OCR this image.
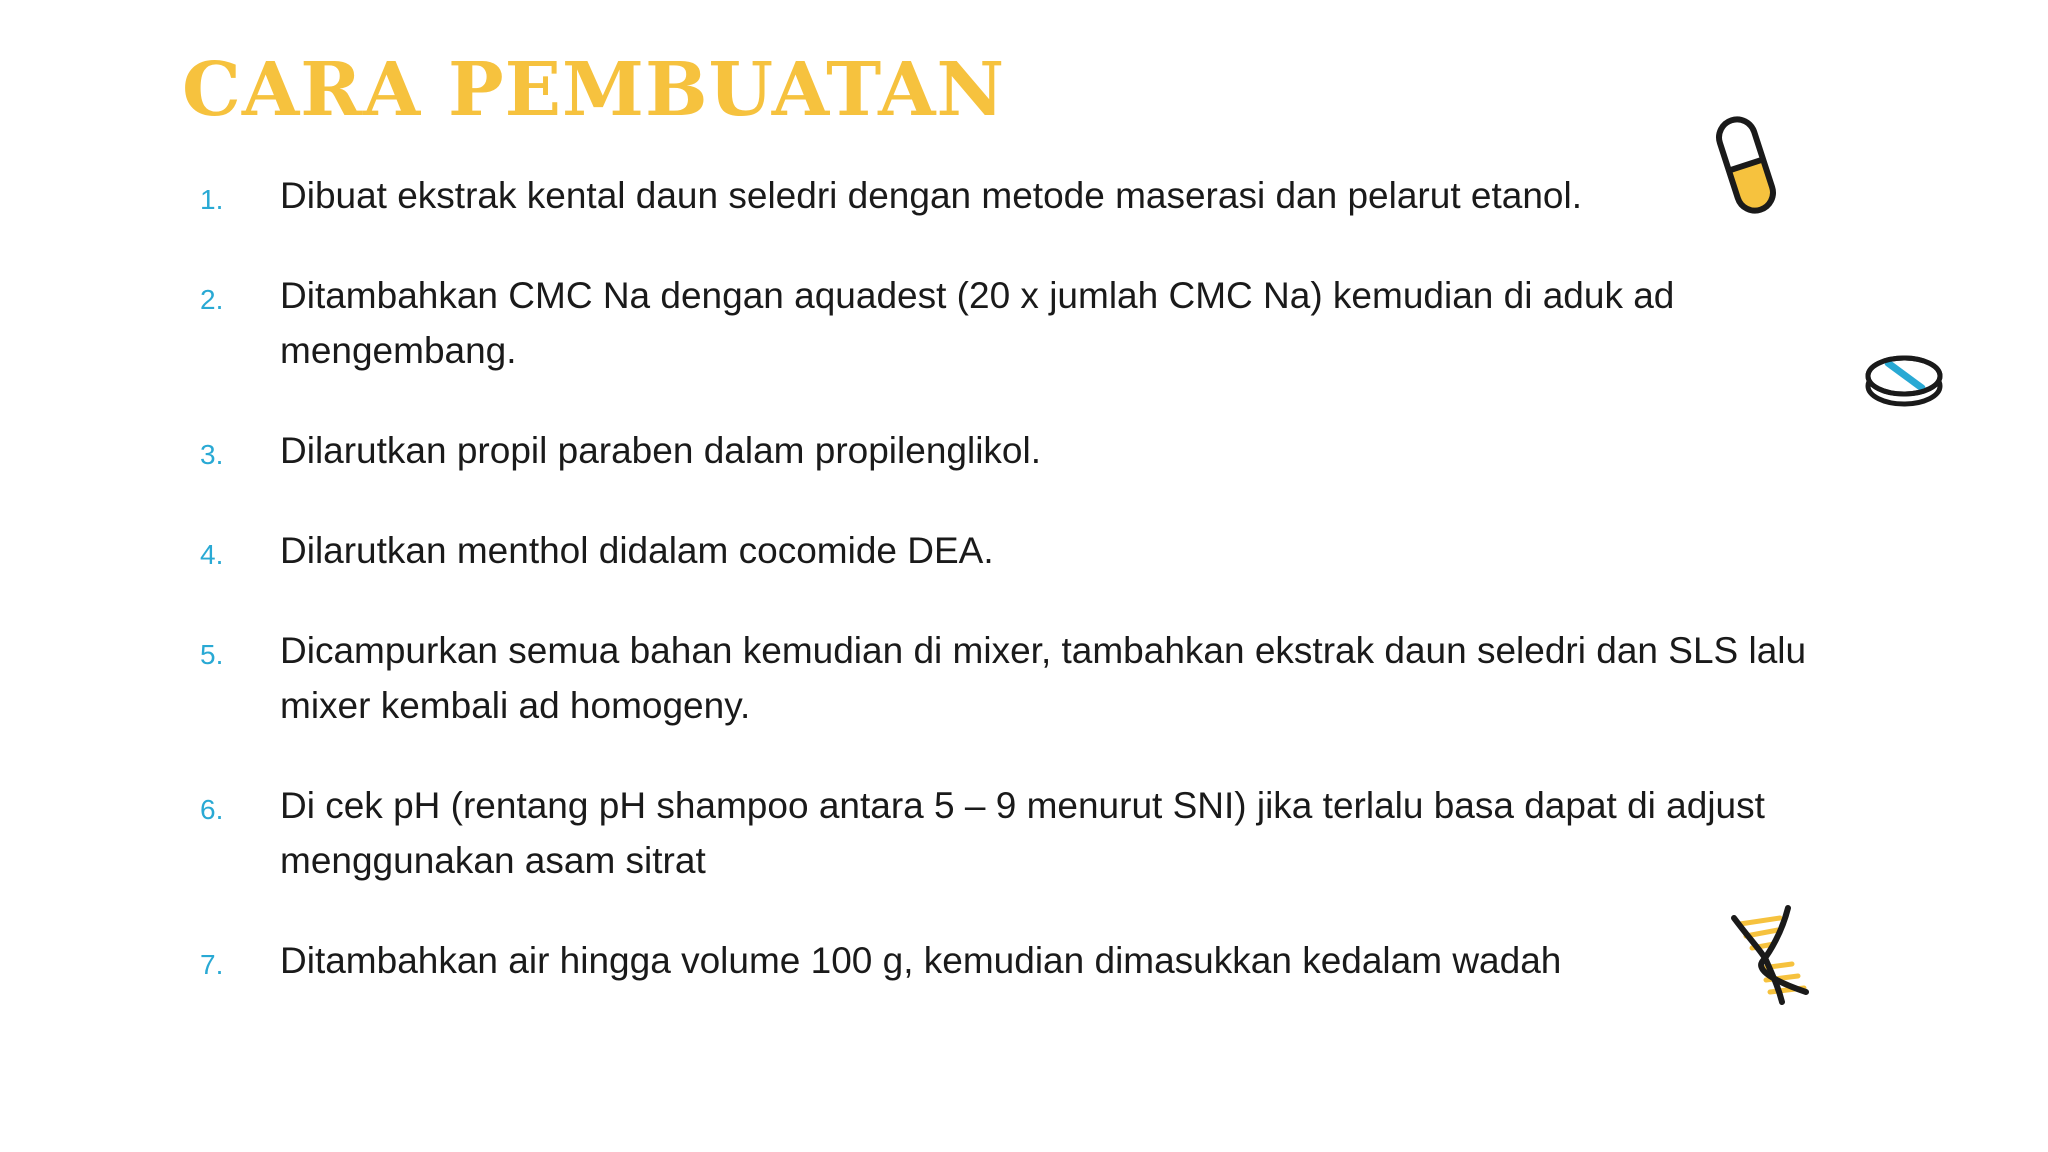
CARA PEMBUATAN
1. Dibuat ekstrak kental daun seledri dengan metode maserasi dan pelarut etanol.
2. Ditambahkan CMC Na dengan aquadest (20 x jumlah CMC Na) kemudian di aduk ad mengembang.
3. Dilarutkan propil paraben dalam propilenglikol.
4. Dilarutkan menthol didalam cocomide DEA.
5. Dicampurkan semua bahan kemudian di mixer, tambahkan ekstrak daun seledri dan SLS lalu mixer kembali ad homogeny.
6. Di cek pH (rentang pH shampoo antara 5 – 9 menurut SNI) jika terlalu basa dapat di adjust menggunakan asam sitrat
7. Ditambahkan air hingga volume 100 g, kemudian dimasukkan kedalam wadah
